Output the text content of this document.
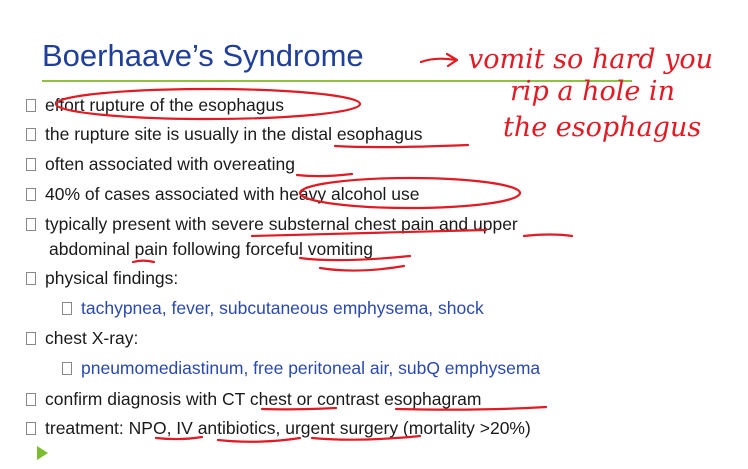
Boerhaave’s Syndrome
effort rupture of the esophagus
the rupture site is usually in the distal esophagus
often associated with overeating
40% of cases associated with heavy alcohol use
typically present with severe substernal chest pain and upper
abdominal pain following forceful vomiting
physical findings:
tachypnea, fever, subcutaneous emphysema, shock
chest X-ray:
pneumomediastinum, free peritoneal air, subQ emphysema
confirm diagnosis with CT chest or contrast esophagram
treatment: NPO, IV antibiotics, urgent surgery (mortality >20%)
vomit so hard you
rip a hole in
the esophagus
